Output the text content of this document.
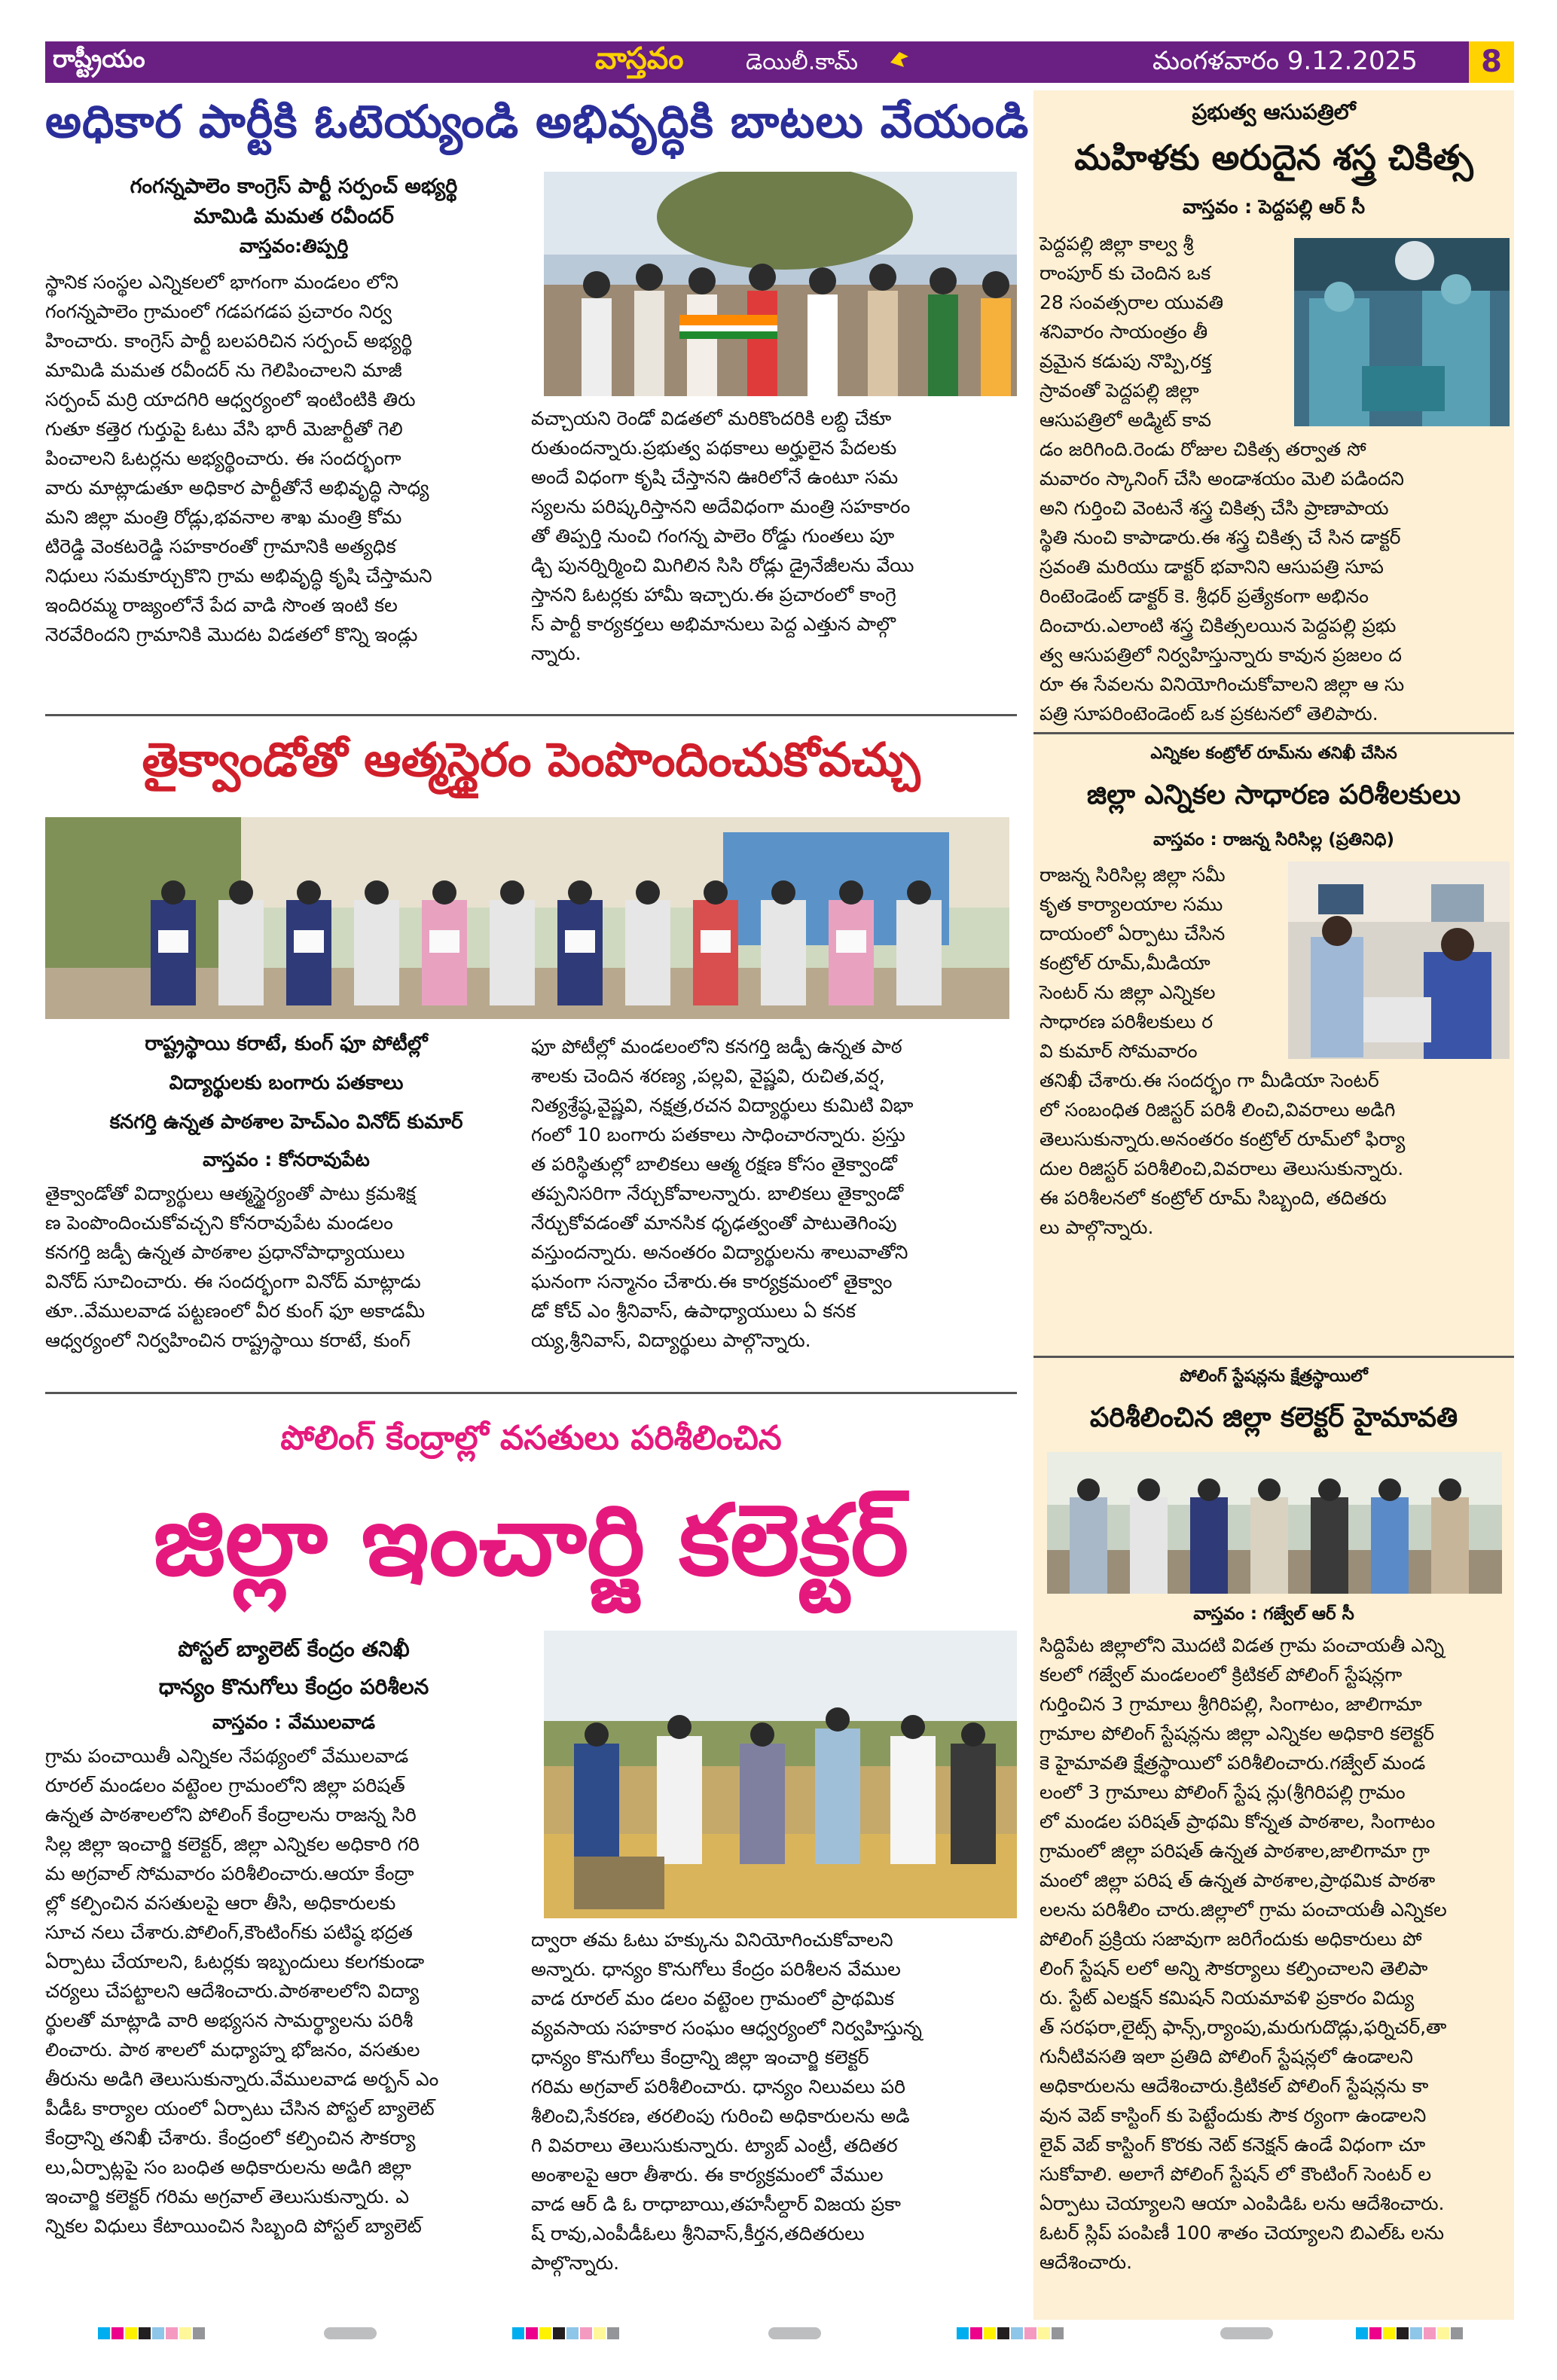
రాష్ట్రీయం	వాస్తవం	డెయిలీ.కామ్	మంగళవారం 9.12.2025	8
అధికార పార్టీకి ఓటెయ్యండి అభివృద్ధికి బాటలు వేయండి
గంగన్నపాలెం కాంగ్రెస్ పార్టీ సర్పంచ్ అభ్యర్థి
మామిడి మమత రవీందర్
వాస్తవం:తిప్పర్తి
స్థానిక సంస్థల ఎన్నికలలో భాగంగా మండలం లోని
గంగన్నపాలెం గ్రామంలో గడపగడప ప్రచారం నిర్వ
హించారు. కాంగ్రెస్ పార్టీ బలపరిచిన సర్పంచ్ అభ్యర్థి
మామిడి మమత రవీందర్ ను గెలిపించాలని మాజీ
సర్పంచ్ మర్రి యాదగిరి ఆధ్వర్యంలో ఇంటింటికి తిరు
గుతూ కత్తెర గుర్తుపై ఓటు వేసి భారీ మెజార్టీతో గెలి
పించాలని ఓటర్లను అభ్యర్థించారు. ఈ సందర్భంగా
వారు మాట్లాడుతూ అధికార పార్టీతోనే అభివృద్ధి సాధ్య
మని జిల్లా మంత్రి రోడ్లు,భవనాల శాఖ మంత్రి కోమ
టిరెడ్డి వెంకటరెడ్డి సహకారంతో గ్రామానికి అత్యధిక
నిధులు సమకూర్చుకొని గ్రామ అభివృద్ధి కృషి చేస్తామని
ఇందిరమ్మ రాజ్యంలోనే పేద వాడి సొంత ఇంటి కల
నెరవేరిందని గ్రామానికి మొదట విడతలో కొన్ని ఇండ్లు
వచ్చాయని రెండో విడతలో మరికొందరికి లబ్ది చేకూ
రుతుందన్నారు.ప్రభుత్వ పథకాలు అర్హులైన పేదలకు
అందే విధంగా కృషి చేస్తానని ఊరిలోనే ఉంటూ సమ
స్యలను పరిష్కరిస్తానని అదేవిధంగా మంత్రి సహకారం
తో తిప్పర్తి నుంచి గంగన్న పాలెం రోడ్డు గుంతలు పూ
డ్చి పునర్నిర్మించి మిగిలిన సిసి రోడ్లు డ్రైనేజీలను వేయి
స్తానని ఓటర్లకు హామీ ఇచ్చారు.ఈ ప్రచారంలో కాంగ్రె
స్ పార్టీ కార్యకర్తలు అభిమానులు పెద్ద ఎత్తున పాల్గొ
న్నారు.
తైక్వాండోతో ఆత్మస్థైరం పెంపొందించుకోవచ్చు
రాష్ట్రస్థాయి కరాటే, కుంగ్ ఫూ పోటీల్లో
విద్యార్థులకు బంగారు పతకాలు
కనగర్తి ఉన్నత పాఠశాల హెచ్ఎం వినోద్ కుమార్
వాస్తవం : కోనరావుపేట
తైక్వాండోతో విద్యార్థులు ఆత్మస్థైర్యంతో పాటు క్రమశిక్ష
ణ పెంపొందించుకోవచ్చని కోనరావుపేట మండలం
కనగర్తి జడ్పీ ఉన్నత పాఠశాల ప్రధానోపాధ్యాయులు
వినోద్ సూచించారు. ఈ సందర్భంగా వినోద్ మాట్లాడు
తూ..వేములవాడ పట్టణంలో వీర కుంగ్ ఫూ అకాడమీ
ఆధ్వర్యంలో నిర్వహించిన రాష్ట్రస్థాయి కరాటే, కుంగ్
ఫూ పోటీల్లో మండలంలోని కనగర్తి జడ్పీ ఉన్నత పాఠ
శాలకు చెందిన శరణ్య ,పల్లవి, వైష్ణవి, రుచిత,వర్ష,
నిత్యశ్రేష్ఠ,వైష్ణవి, నక్షత్ర,రచన విద్యార్థులు కుమిటి విభా
గంలో 10 బంగారు పతకాలు సాధించారన్నారు. ప్రస్తు
త పరిస్థితుల్లో బాలికలు ఆత్మ రక్షణ కోసం తైక్వాండో
తప్పనిసరిగా నేర్చుకోవాలన్నారు. బాలికలు తైక్వాండో
నేర్చుకోవడంతో మానసిక ధృఢత్వంతో పాటుతెగింపు
వస్తుందన్నారు. అనంతరం విద్యార్థులను శాలువాతోని
ఘనంగా సన్మానం చేశారు.ఈ కార్యక్రమంలో తైక్వాం
డో కోచ్ ఎం శ్రీనివాస్, ఉపాధ్యాయులు ఏ కనక
య్య,శ్రీనివాస్, విద్యార్థులు పాల్గొన్నారు.
పోలింగ్ కేంద్రాల్లో వసతులు పరిశీలించిన
జిల్లా ఇంచార్జి కలెక్టర్
పోస్టల్ బ్యాలెట్ కేంద్రం తనిఖీ
ధాన్యం కొనుగోలు కేంద్రం పరిశీలన
వాస్తవం : వేములవాడ
గ్రామ పంచాయితీ ఎన్నికల నేపథ్యంలో వేములవాడ
రూరల్ మండలం వట్టెంల గ్రామంలోని జిల్లా పరిషత్
ఉన్నత పాఠశాలలోని పోలింగ్ కేంద్రాలను రాజన్న సిరి
సిల్ల జిల్లా ఇంచార్జి కలెక్టర్, జిల్లా ఎన్నికల అధికారి గరి
మ అగ్రవాల్ సోమవారం పరిశీలించారు.ఆయా కేంద్రా
ల్లో కల్పించిన వసతులపై ఆరా తీసి, అధికారులకు
సూచ నలు చేశారు.పోలింగ్,కౌంటింగ్‌కు పటిష్ఠ భద్రత
ఏర్పాటు చేయాలని, ఓటర్లకు ఇబ్బందులు కలగకుండా
చర్యలు చేపట్టాలని ఆదేశించారు.పాఠశాలలోని విద్యా
ర్థులతో మాట్లాడి వారి అభ్యసన సామర్థ్యాలను పరిశీ
లించారు. పాఠ శాలలో మధ్యాహ్న భోజనం, వసతుల
తీరును అడిగి తెలుసుకున్నారు.వేములవాడ అర్బన్ ఎం
పీడీఓ కార్యాల యంలో ఏర్పాటు చేసిన పోస్టల్ బ్యాలెట్
కేంద్రాన్ని తనిఖీ చేశారు. కేంద్రంలో కల్పించిన సౌకర్యా
లు,ఏర్పాట్లపై సం బంధిత అధికారులను అడిగి జిల్లా
ఇంచార్జి కలెక్టర్ గరిమ అగ్రవాల్ తెలుసుకున్నారు. ఎ
న్నికల విధులు కేటాయించిన సిబ్బంది పోస్టల్ బ్యాలెట్
ద్వారా తమ ఓటు హక్కును వినియోగించుకోవాలని
అన్నారు. ధాన్యం కొనుగోలు కేంద్రం పరిశీలన వేముల
వాడ రూరల్ మం డలం వట్టెంల గ్రామంలో ప్రాథమిక
వ్యవసాయ సహకార సంఘం ఆధ్వర్యంలో నిర్వహిస్తున్న
ధాన్యం కొనుగోలు కేంద్రాన్ని జిల్లా ఇంచార్జి కలెక్టర్
గరిమ అగ్రవాల్ పరిశీలించారు. ధాన్యం నిలువలు పరి
శీలించి,సేకరణ, తరలింపు గురించి అధికారులను అడి
గి వివరాలు తెలుసుకున్నారు. ట్యాబ్ ఎంట్రీ, తదితర
అంశాలపై ఆరా తీశారు. ఈ కార్యక్రమంలో వేముల
వాడ ఆర్ డి ఓ రాధాబాయి,తహసీల్దార్ విజయ ప్రకా
ష్ రావు,ఎంపీడీఓలు శ్రీనివాస్,కీర్తన,తదితరులు
పాల్గొన్నారు.
ప్రభుత్వ ఆసుపత్రిలో
మహిళకు అరుదైన శస్త్ర చికిత్స
వాస్తవం : పెద్దపల్లి ఆర్ సీ
పెద్దపల్లి జిల్లా కాల్వ శ్రీ
రాంపూర్ కు చెందిన ఒక
28 సంవత్సరాల యువతి
శనివారం సాయంత్రం తీ
వ్రమైన కడుపు నొప్పి,రక్త
స్రావంతో పెద్దపల్లి జిల్లా
ఆసుపత్రిలో అడ్మిట్ కావ
డం జరిగింది.రెండు రోజుల చికిత్స తర్వాత సో
మవారం స్కానింగ్ చేసి అండాశయం మెలి పడిందని
అని గుర్తించి వెంటనే శస్త్ర చికిత్స చేసి ప్రాణాపాయ
స్థితి నుంచి కాపాడారు.ఈ శస్త్ర చికిత్స చే సిన డాక్టర్
స్రవంతి మరియు డాక్టర్ భవానిని ఆసుపత్రి సూప
రింటెండెంట్ డాక్టర్ కె. శ్రీధర్ ప్రత్యేకంగా అభినం
దించారు.ఎలాంటి శస్త్ర చికిత్సలయిన పెద్దపల్లి ప్రభు
త్వ ఆసుపత్రిలో నిర్వహిస్తున్నారు కావున ప్రజలం ద
రూ ఈ సేవలను వినియోగించుకోవాలని జిల్లా ఆ సు
పత్రి సూపరింటెండెంట్ ఒక ప్రకటనలో తెలిపారు.
ఎన్నికల కంట్రోల్ రూమ్‌ను తనిఖీ చేసిన
జిల్లా ఎన్నికల సాధారణ పరిశీలకులు
వాస్తవం : రాజన్న సిరిసిల్ల (ప్రతినిధి)
రాజన్న సిరిసిల్ల జిల్లా సమీ
కృత కార్యాలయాల సము
దాయంలో ఏర్పాటు చేసిన
కంట్రోల్ రూమ్,మీడియా
సెంటర్ ను జిల్లా ఎన్నికల
సాధారణ పరిశీలకులు ర
వి కుమార్ సోమవారం
తనిఖీ చేశారు.ఈ సందర్భం గా మీడియా సెంటర్
లో సంబంధిత రిజిస్టర్ పరిశీ లించి,వివరాలు అడిగి
తెలుసుకున్నారు.అనంతరం కంట్రోల్ రూమ్‌లో ఫిర్యా
దుల రిజిస్టర్ పరిశీలించి,వివరాలు తెలుసుకున్నారు.
ఈ పరిశీలనలో కంట్రోల్ రూమ్ సిబ్బంది, తదితరు
లు పాల్గొన్నారు.
పోలింగ్ స్టేషన్లను క్షేత్రస్థాయిలో
పరిశీలించిన జిల్లా కలెక్టర్ హైమావతి
వాస్తవం : గజ్వేల్ ఆర్ సీ
సిద్దిపేట జిల్లాలోని మొదటి విడత గ్రామ పంచాయతీ ఎన్ని
కలలో గజ్వేల్ మండలంలో క్రిటికల్ పోలింగ్ స్టేషన్లగా
గుర్తించిన 3 గ్రామాలు శ్రీగిరిపల్లి, సింగాటం, జాలిగామా
గ్రామాల పోలింగ్ స్టేషన్లను జిల్లా ఎన్నికల అధికారి కలెక్టర్
కె హైమావతి క్షేత్రస్థాయిలో పరిశీలించారు.గజ్వేల్ మండ
లంలో 3 గ్రామాలు పోలింగ్ స్టేష న్లు(శ్రీగిరిపల్లి గ్రామం
లో మండల పరిషత్ ప్రాథమి కోన్నత పాఠశాల, సింగాటం
గ్రామంలో జిల్లా పరిషత్ ఉన్నత పాఠశాల,జాలిగామా గ్రా
మంలో జిల్లా పరిష త్ ఉన్నత పాఠశాల,ప్రాథమిక పాఠశా
లలను పరిశీలిం చారు.జిల్లాలో గ్రామ పంచాయతీ ఎన్నికల
పోలింగ్ ప్రక్రియ సజావుగా జరిగేందుకు అధికారులు పో
లింగ్ స్టేషన్ లలో అన్ని సౌకర్యాలు కల్పించాలని తెలిపా
రు. స్టేట్ ఎలక్షన్ కమిషన్ నియమావళి ప్రకారం విద్యు
త్ సరఫరా,లైట్స్ ఫాన్స్,ర్యాంపు,మరుగుదొడ్లు,ఫర్నిచర్,తా
గునీటివసతి ఇలా ప్రతిది పోలింగ్ స్టేషన్లలో ఉండాలని
అధికారులను ఆదేశించారు.క్రిటికల్ పోలింగ్ స్టేషన్లను కా
వున వెబ్ కాస్టింగ్ కు పెట్టేందుకు సౌక ర్యంగా ఉండాలని
లైవ్ వెబ్ కాస్టింగ్ కొరకు నెట్ కనెక్షన్ ఉండే విధంగా చూ
సుకోవాలి. అలాగే పోలింగ్ స్టేషన్ లో కౌంటింగ్ సెంటర్ ల
ఏర్పాటు చెయ్యాలని ఆయా ఎంపిడిఓ లను ఆదేశించారు.
ఓటర్ స్లిప్ పంపిణీ 100 శాతం చెయ్యాలని బిఎల్ఓ లను
ఆదేశించారు.
